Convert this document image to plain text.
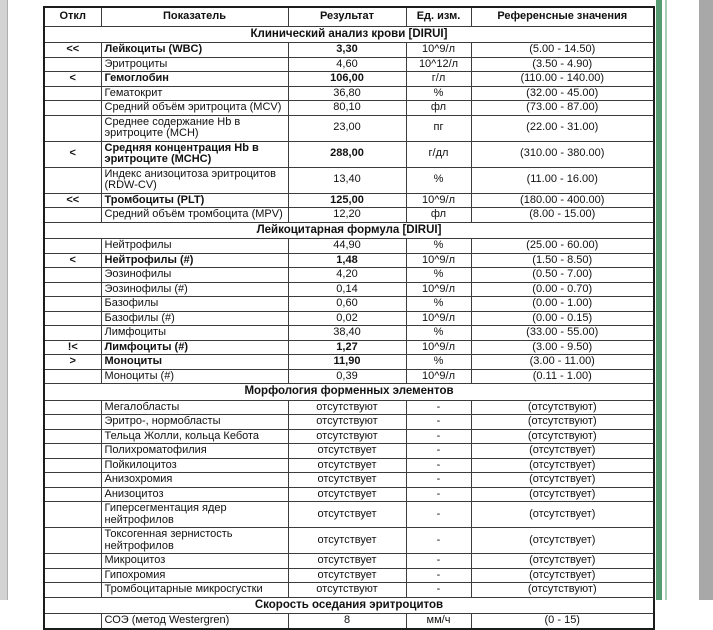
Откл	Показатель	Результат	Ед. изм.	Референсные значения
Клинический анализ крови [DIRUI]				
<<	Лейкоциты (WBC)	3,30	10^9/л	(5.00 - 14.50)
	Эритроциты	4,60	10^12/л	(3.50 - 4.90)
<	Гемоглобин	106,00	г/л	(110.00 - 140.00)
	Гематокрит	36,80	%	(32.00 - 45.00)
	Средний объём эритроцита (MCV)	80,10	фл	(73.00 - 87.00)
	Среднее содержание Hb в эритроците (MCH)	23,00	пг	(22.00 - 31.00)
<	Средняя концентрация Hb в эритроците (MCHC)	288,00	г/дл	(310.00 - 380.00)
	Индекс анизоцитоза эритроцитов (RDW-CV)	13,40	%	(11.00 - 16.00)
<<	Тромбоциты (PLT)	125,00	10^9/л	(180.00 - 400.00)
	Средний объём тромбоцита (MPV)	12,20	фл	(8.00 - 15.00)
Лейкоцитарная формула [DIRUI]				
	Нейтрофилы	44,90	%	(25.00 - 60.00)
<	Нейтрофилы (#)	1,48	10^9/л	(1.50 - 8.50)
	Эозинофилы	4,20	%	(0.50 - 7.00)
	Эозинофилы (#)	0,14	10^9/л	(0.00 - 0.70)
	Базофилы	0,60	%	(0.00 - 1.00)
	Базофилы (#)	0,02	10^9/л	(0.00 - 0.15)
	Лимфоциты	38,40	%	(33.00 - 55.00)
!<	Лимфоциты (#)	1,27	10^9/л	(3.00 - 9.50)
>	Моноциты	11,90	%	(3.00 - 11.00)
	Моноциты (#)	0,39	10^9/л	(0.11 - 1.00)
Морфология форменных элементов				
	Мегалобласты	отсутствуют	-	(отсутствуют)
	Эритро-, нормобласты	отсутствуют	-	(отсутствуют)
	Тельца Жолли, кольца Кебота	отсутствуют	-	(отсутствуют)
	Полихроматофилия	отсутствует	-	(отсутствует)
	Пойкилоцитоз	отсутствует	-	(отсутствует)
	Анизохромия	отсутствует	-	(отсутствует)
	Анизоцитоз	отсутствует	-	(отсутствует)
	Гиперсегментация ядер нейтрофилов	отсутствует	-	(отсутствует)
	Токсогенная зернистость нейтрофилов	отсутствует	-	(отсутствует)
	Микроцитоз	отсутствует	-	(отсутствует)
	Гипохромия	отсутствует	-	(отсутствует)
	Тромбоцитарные микросгустки	отсутствуют	-	(отсутствуют)
Скорость оседания эритроцитов				
	СОЭ (метод Westergren)	8	мм/ч	(0 - 15)
